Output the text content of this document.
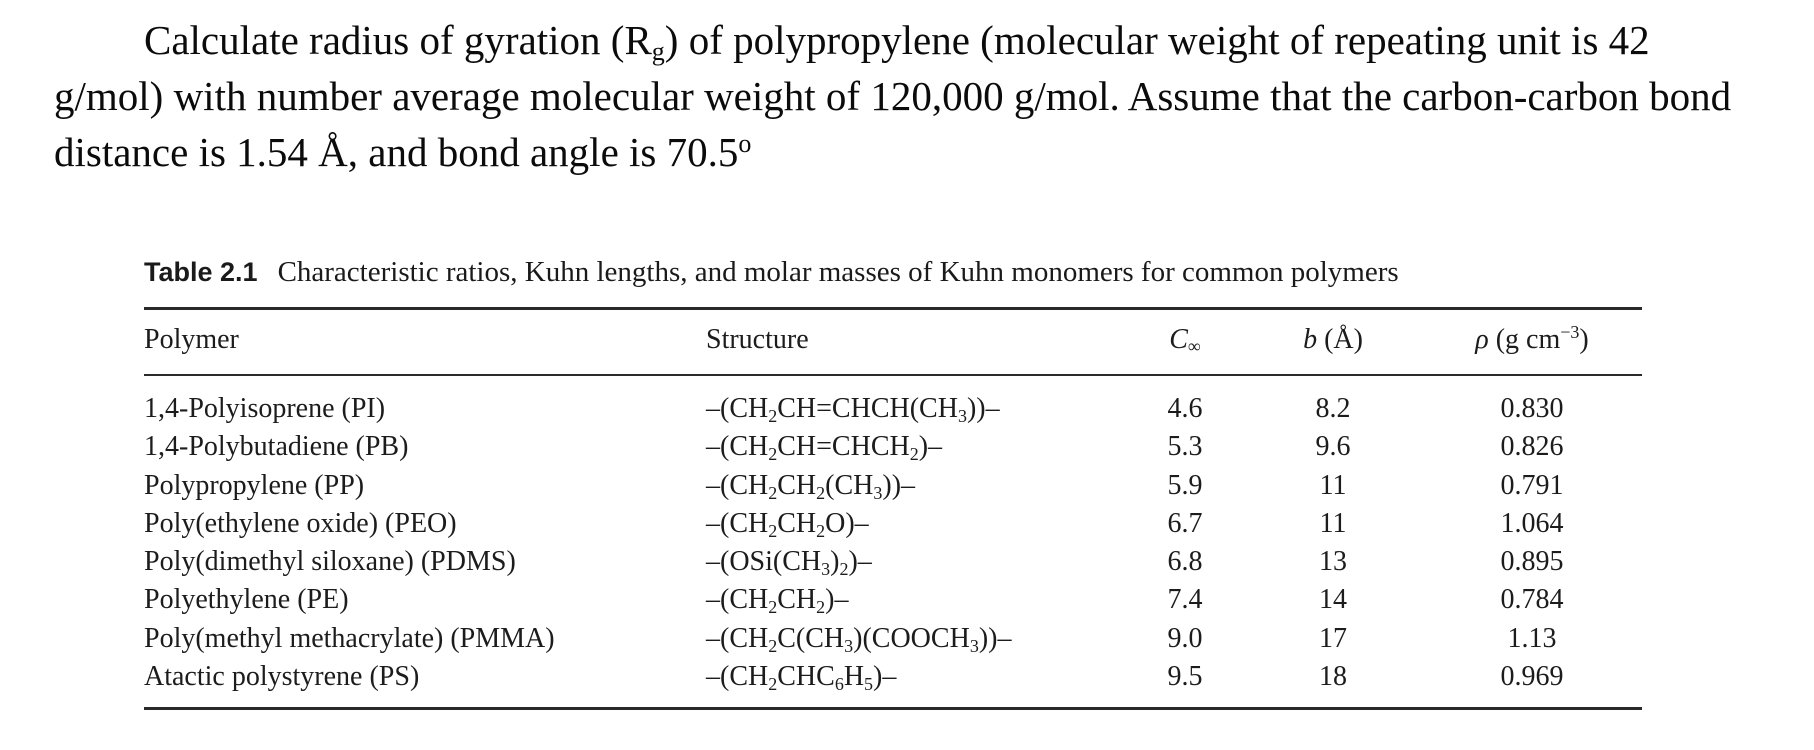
Calculate radius of gyration $(R_g)$ of polypropylene (molecular weight of repeating unit is 42 g/mol) with number average molecular weight of 120,000 g/mol. Assume that the carbon-carbon bond distance is 1.54 Å, and bond angle is 70.5$^o$
Table 2.1 Characteristic ratios, Kuhn lengths, and molar masses of Kuhn monomers for common polymers
Polymer	Structure	$C_\infty$	b (Å)	ρ (g $cm^{-3}$)
1,4-Polyisoprene (PI)	$-(CH_2CH=CHCH(CH_3))-$	4.6	8.2	0.830
1,4-Polybutadiene (PB)	$-(CH_2CH=CHCH_2)-$	5.3	9.6	0.826
Polypropylene (PP)	$-(CH_2CH_2(CH_3))-$	5.9	11	0.791
Poly(ethylene oxide) (PEO)	$-(CH_2CH_2O)-$	6.7	11	1.064
Poly(dimethyl siloxane) (PDMS)	$-(OSi(CH_3)_2)-$	6.8	13	0.895
Polyethylene (PE)	$-(CH_2CH_2)-$	7.4	14	0.784
Poly(methyl methacrylate) (PMMA)	$-(CH_2C(CH_3)(COOCH_3))-$	9.0	17	1.13
Atactic polystyrene (PS)	$-(CH_2CHC_6H_5)-$	9.5	18	0.969
